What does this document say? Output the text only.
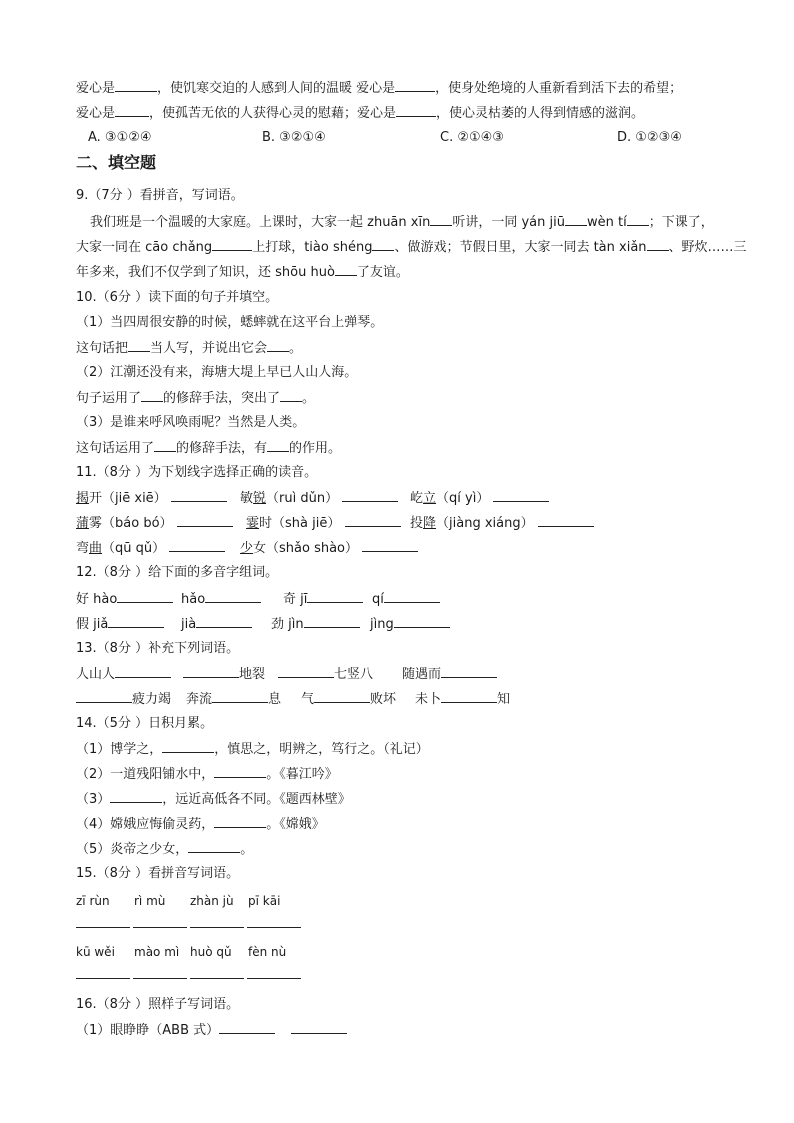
爱心是	，使饥寒交迫的人感到人间的温暖 爱心是	，使身处绝境的人重新看到活下去的希望；
爱心是	，使孤苦无依的人获得心灵的慰藉；爱心是	，使心灵枯萎的人得到情感的滋润。
A. ③①②④	B. ③②①④	C. ②①④③	D. ①②③④
二、填空题
9.（7分 ）看拼音，写词语。
我们班是一个温暖的大家庭。上课时，大家一起 zhuān xīn 听讲，一同 yán jiū wèn tí ；下课了，
大家一同在 cāo chǎng	上打球，tiào shéng 、做游戏；节假日里，大家一同去 tàn xiǎn 、野炊……三
年多来，我们不仅学到了知识，还 shōu huò 了友谊。
10.（6分 ）读下面的句子并填空。
（1）当四周很安静的时候，蟋蟀就在这平台上弹琴。
这句话把 当人写，并说出它会 。
（2）江潮还没有来，海塘大堤上早已人山人海。
句子运用了 的修辞手法，突出了 。
（3）是谁来呼风唤雨呢？当然是人类。
这句话运用了 的修辞手法，有 的作用。
11.（8分 ）为下划线字选择正确的读音。
揭开（jiē xiē）	敏锐（ruì dǔn）	屹立（qí yì）
蒲雾（báo bó）	霎时（shà jiē）	投降（jiàng xiáng）
弯曲（qū qǔ）	少女（shǎo shào）
12.（8分 ）给下面的多音字组词。
好 hào	hǎo	奇 jī	qí
假 jiǎ	jià	劲 jìn	jìng
13.（8分 ）补充下列词语。
人山人	地裂	七竖八 随遇而
疲力竭 奔流	息 气	败坏 未卜	知
14.（5分 ）日积月累。
（1）博学之，	，慎思之，明辨之，笃行之。（礼记）
（2）一道残阳铺水中，	。《暮江吟》
（3）	，远近高低各不同。《题西林壁》
（4）嫦娥应悔偷灵药，	。《嫦娥》
（5）炎帝之少女，	。
15.（8分 ）看拼音写词语。
zī rùn rì mù zhàn jù pī kāi
kū wěi mào mì huò qǔ fèn nù
16.（8分 ）照样子写词语。
（1）眼睁睁（ABB 式）
